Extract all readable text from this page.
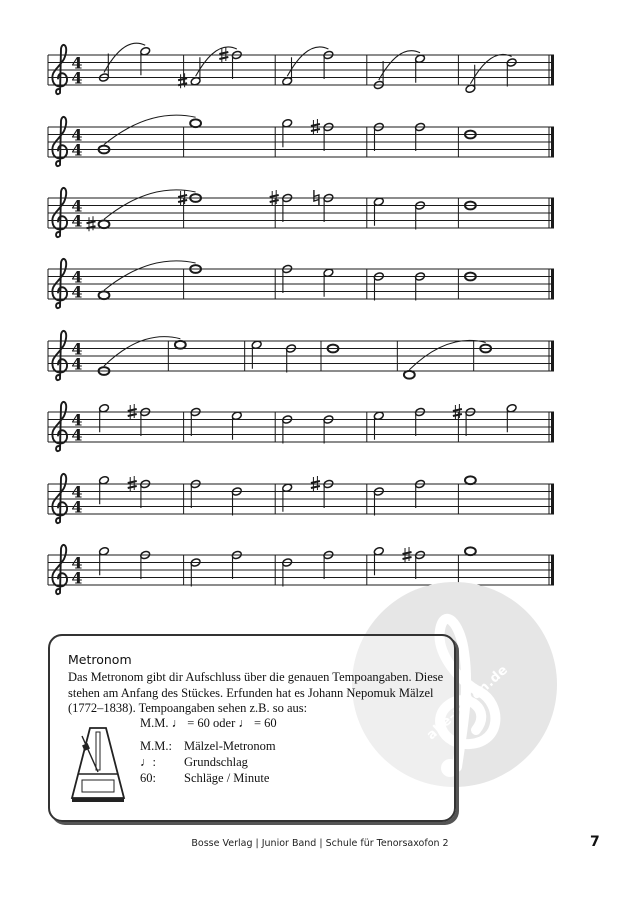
4
4
4
4
4
4
4
4
4
4
4
4
4
4
4
4
alle-noten.de
Metronom

Das Metronom gibt dir Aufschluss über die genauen Tempoangaben. Diese stehen am Anfang des Stückes. Erfunden hat es Johann Nepomuk Mälzel (1772–1838). Tempoangaben sehen z.B. so aus:

M.M. ♩ = 60 oder ♩ = 60
M.M.: Mälzel-Metronom
♩:	Grundschlag
60:	Schläge / Minute
Bosse Verlag | Junior Band | Schule für Tenorsaxofon 2	7
